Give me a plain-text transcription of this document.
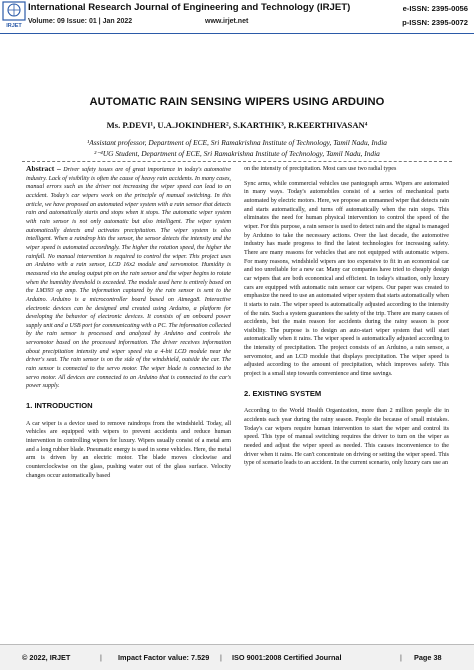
IRJET
International Research Journal of Engineering and Technology (IRJET)
Volume: 09 Issue: 01 | Jan 2022	www.irjet.net
e-ISSN: 2395-0056
p-ISSN: 2395-0072
AUTOMATIC RAIN SENSING WIPERS USING ARDUINO
Ms. P.DEVI¹, U.A.JOKINDHER², S.KARTHIK³, R.KEERTHIVASAN⁴
¹Assistant professor, Department of ECE, Sri Ramakrishna Institute of Technology, Tamil Nadu, India
²⁻⁴UG Student, Department of ECE, Sri Ramakrishna Institute of Technology, Tamil Nadu, India

Abstract – Driver safety issues are of great importance in today's automotive industry. Lack of visibility is often the cause of heavy rain accidents. In many cases, manual errors such as the driver not increasing the wiper speed can lead to an accident. Today's car wipers work on the principle of manual switching. In this article, we have proposed an automated wiper system with a rain sensor that detects rain and automatically starts and stops when it stops. The automatic wiper system with rain sensor is not only automatic but also intelligent. The wiper system automatically detects and activates precipitation. The wiper system is also intelligent. When a raindrop hits the sensor, the sensor detects the intensity and the wiper speed is automated accordingly. The higher the rotation speed, the higher the rainfall. No manual intervention is required to control the wiper. This project uses an Arduino with a rain sensor, LCD 16x2 module and servomotor. Humidity is measured via the analog output pin on the rain sensor and the wiper begins to rotate when the humidity threshold is exceeded. The module used here is entirely based on the LM393 op amp. The information captured by the rain sensor is sent to the Arduino. Arduino is a microcontroller board based on Atmega8. Interactive electronic devices can be designed and created using Arduino, a platform for developing the behavior of electronic devices. It consists of an onboard power supply unit and a USB port for communicating with a PC. The information collected by the rain sensor is processed and analyzed by Arduino and controls the servomotor based on the processed information. The driver receives information about precipitation intensity and wiper speed via a 4-bit LCD module near the driver's seat. The rain sensor is on the side of the windshield, outside the car. The rain sensor is connected to the servo motor. The wiper blade is connected to the servo motor. All devices are connected to an Arduino that is connected to the car's power supply.

1. INTRODUCTION

A car wiper is a device used to remove raindrops from the windshield. Today, all vehicles are equipped with wipers to prevent accidents and reduce human intervention in controlling wipers for luxury. Wipers usually consist of a metal arm and a long rubber blade. Pneumatic energy is used in some vehicles. Here, the metal arm is driven by an electric motor. The blade moves clockwise and counterclockwise on the glass, pushing water out of the glass surface. Velocity changes occur automatically based

on the intensity of precipitation. Most cars use two radial types

Sync arms, while commercial vehicles use pantograph arms. Wipers are automated in many ways. Today's automobiles consist of a series of mechanical parts automated by electric motors. Here, we propose an unmanned wiper that detects rain and starts automatically, and turns off automatically when the rain stops. This eliminates the need for human physical intervention to control the speed of the wiper. For this purpose, a rain sensor is used to detect rain and the signal is managed by Arduino to take the necessary actions. Over the last decade, the automotive industry has made progress to find the latest technologies for increasing safety. There are many reasons for vehicles that are not equipped with automatic wipers. For many reasons, windshield wipers are too expensive to fit in an economical car and too unreliable for a new car. Many car companies have tried to cheaply design car wipers that are both economical and efficient. In today's situation, only luxury cars are equipped with automatic rain sensor car wipers. Our paper was created to emphasize the need to use an automated wiper system that starts automatically when it starts to rain. The wiper speed is automatically adjusted according to the intensity of the rain. Such a system guarantees the safety of the trip. There are many causes of accidents, but the main reason for accidents during the rainy season is poor visibility. The purpose is to design an auto-start wiper system that will start automatically when it rains. The wiper speed is automatically adjusted according to the intensity of precipitation. The project consists of an Arduino, a rain sensor, a servomotor, and an LCD module that displays precipitation. The wiper speed is adjusted according to the amount of precipitation, which improves safety. This project is a small step towards convenience and time savings.

2. EXISTING SYSTEM

According to the World Health Organization, more than 2 million people die in accidents each year during the rainy season. People die because of small mistakes. Today's car wipers require human intervention to start the wiper and control its speed. This type of manual switching requires the driver to turn on the wiper as needed and adjust the wiper speed as needed. This causes inconvenience to the driver when it rains. He can't concentrate on driving or setting the wiper speed. This type of scenario leads to an accident. In the current scenario, only luxury cars use an

© 2022, IRJET	| Impact Factor value: 7.529 | ISO 9001:2008 Certified Journal	| Page 38
